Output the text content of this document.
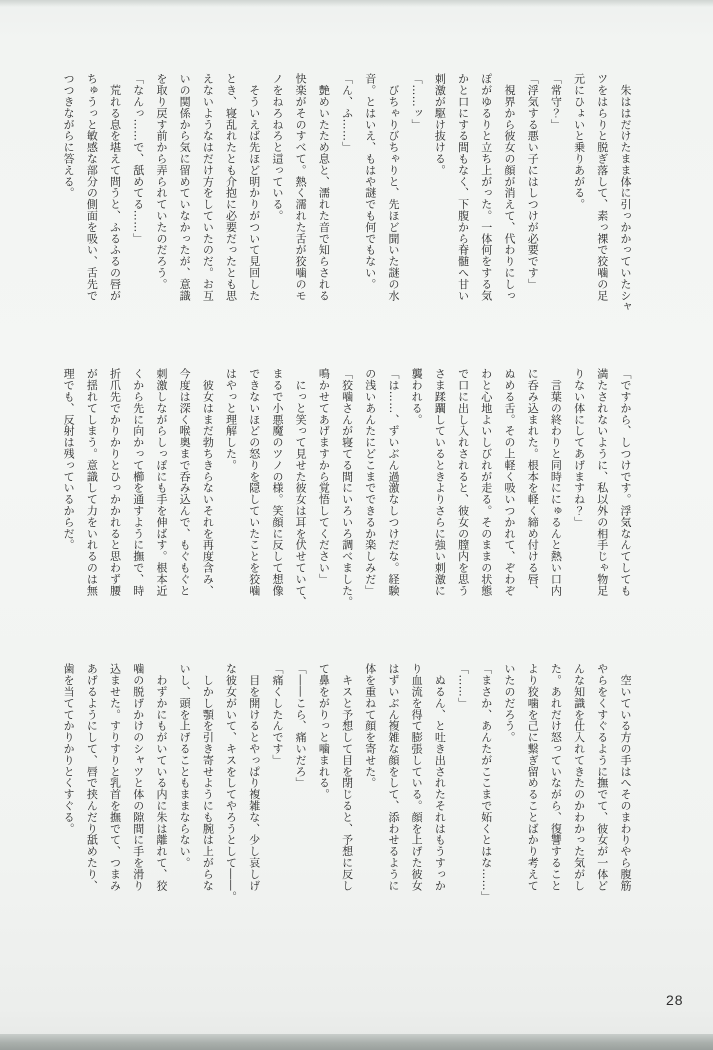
　朱ははだけたまま体に引っかかっていたシャ

ツをはらりと脱ぎ落して、素っ裸で狡噛の足

元にひょいと乗りあがる。

「常守？」

「浮気する悪い子にはしつけが必要です」

　視界から彼女の顔が消えて、代わりにしっ

ぽがゆるりと立ち上がった。一体何をする気

かと口にする間もなく、下腹から脊髄へ甘い

刺激が駆け抜ける。

「……ッ」

　びちゃりびちゃりと、先ほど聞いた謎の水

音。とはいえ、もはや謎でも何でもない。

「ん、ふ……」

　艶めいたため息と、濡れた音で知らされる

快楽がそのすべて。熱く濡れた舌が狡噛のモ

ノをねろねろと這っている。

　そういえば先ほど明かりがついて見回した

とき、寝乱れたとも介抱に必要だったとも思

えないようなはだけ方をしていたのだ。お互

いの関係から気に留めていなかったが、意識

を取り戻す前から弄られていたのだろう。

「なんっ……で、舐めてる……」

　荒れる息を堪えて問うと、ふるふるの唇が

ちゅうっと敏感な部分の側面を吸い、舌先で

つつきながらに答える。

「ですから、しつけです。浮気なんてしても

満たされないように、私以外の相手じゃ物足

りない体にしてあげますね？」

　言葉の終わりと同時ににゅるんと熱い口内

に呑み込まれた。根本を軽く締め付ける唇、

ぬめる舌。その上軽く吸いつかれて、ぞわぞ

わと心地よいしびれが走る。そのままの状態

で口に出し入れされると、彼女の膣内を思う

さま蹂躙しているときよりさらに強い刺激に

襲われる。

「は……、ずいぶん過激なしつけだな。経験

の浅いあんたにどこまでできるか楽しみだ」

「狡噛さんが寝てる間にいろいろ調べました。

鳴かせてあげますから覚悟してください」

　にっと笑って見せた彼女は耳を伏せていて、

まるで小悪魔のツノの様。笑顔に反して想像

できないほどの怒りを隠していたことを狡噛

はやっと理解した。

　彼女はまだ勃ちきらないそれを再度含み、

今度は深く喉奥まで呑み込んで、もぐもぐと

刺激しながらしっぽにも手を伸ばす。根本近

くから先に向かって櫛を通すように撫で、時

折爪先でかりかりとひっかかれると思わず腰

が揺れてしまう。意識して力をいれるのは無

理でも、反射は残っているからだ。

　空いている方の手はへそのまわりやら腹筋

やらをくすぐるように撫でて、彼女が一体ど

んな知識を仕入れてきたのかわかった気がし

た。あれだけ怒っていながら、復讐すること

より狡噛を己に繋ぎ留めることばかり考えて

いたのだろう。

「まさか、あんたがここまで妬くとはな……」

「……」

　ぬるん、と吐き出されたそれはもうすっか

り血流を得て膨張している。顔を上げた彼女

はずいぶん複雑な顔をして、添わせるように

体を重ねて顔を寄せた。

　キスと予想して目を閉じると、予想に反し

て鼻をがりっと噛まれる。

「――こら、痛いだろ」

「痛くしたんです」

　目を開けるとやっぱり複雑な、少し哀しげ

な彼女がいて、キスをしてやろうとして――。

　しかし顎を引き寄せようにも腕は上がらな

いし、頭を上げることもままならない。

　わずかにもがいている内に朱は離れて、狡

噛の脱げかけのシャツと体の隙間に手を滑り

込ませた。すりすりと乳首を撫でて、つまみ

あげるようにして、唇で挟んだり舐めたり、

歯を当ててかりかりとくすぐる。

28
